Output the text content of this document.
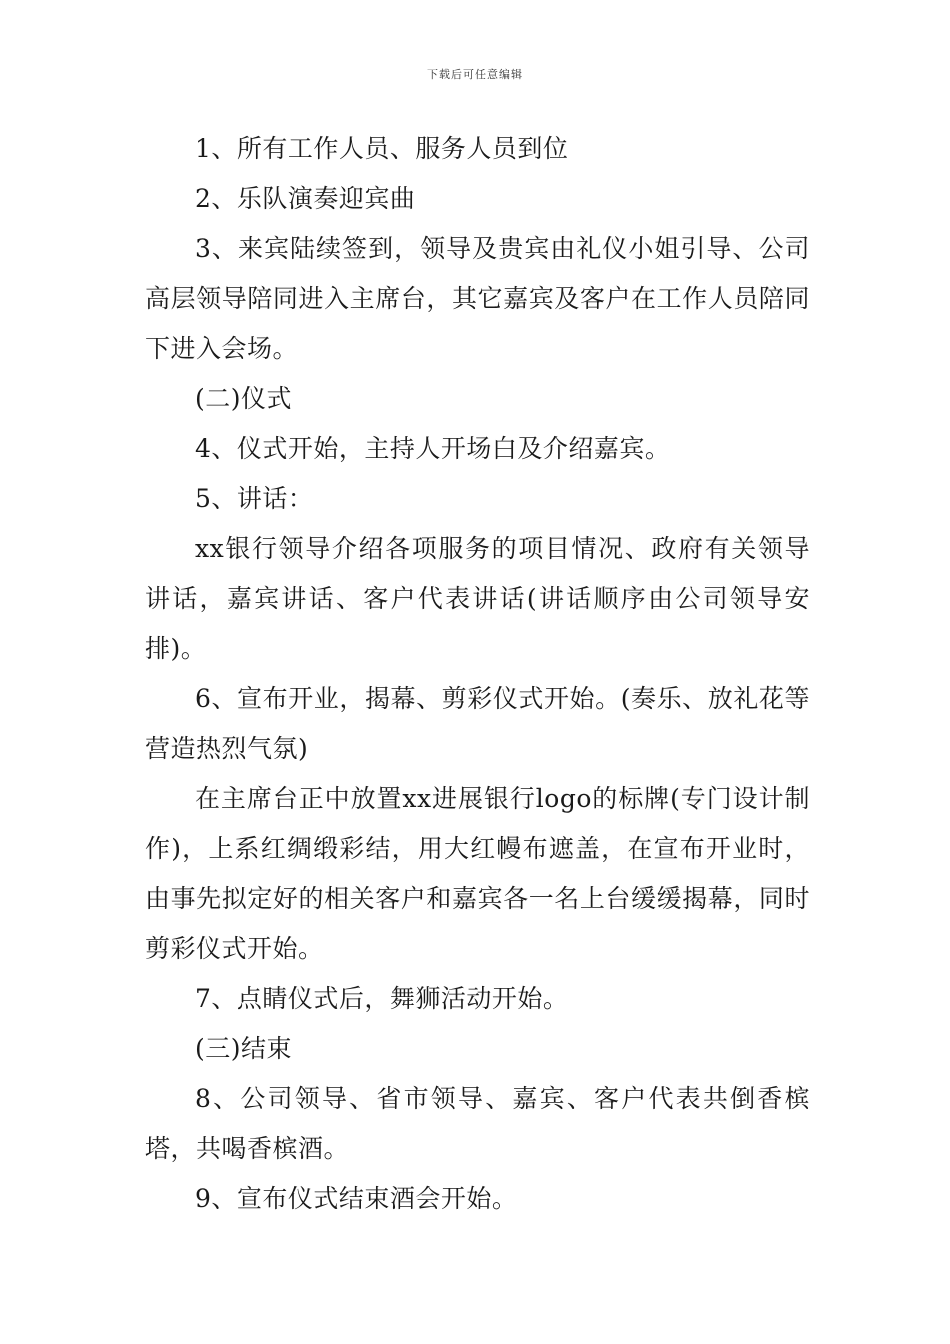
下载后可任意编辑

1、所有工作人员、服务人员到位

2、乐队演奏迎宾曲

3、来宾陆续签到，领导及贵宾由礼仪小姐引导、公司高层领导陪同进入主席台，其它嘉宾及客户在工作人员陪同下进入会场。

(二)仪式

4、仪式开始，主持人开场白及介绍嘉宾。

5、讲话：

xx银行领导介绍各项服务的项目情况、政府有关领导讲话，嘉宾讲话、客户代表讲话(讲话顺序由公司领导安排)。

6、宣布开业，揭幕、剪彩仪式开始。(奏乐、放礼花等营造热烈气氛)

在主席台正中放置xx进展银行logo的标牌(专门设计制作)，上系红绸缎彩结，用大红幔布遮盖，在宣布开业时，由事先拟定好的相关客户和嘉宾各一名上台缓缓揭幕，同时剪彩仪式开始。

7、点睛仪式后，舞狮活动开始。

(三)结束

8、公司领导、省市领导、嘉宾、客户代表共倒香槟塔，共喝香槟酒。

9、宣布仪式结束酒会开始。
